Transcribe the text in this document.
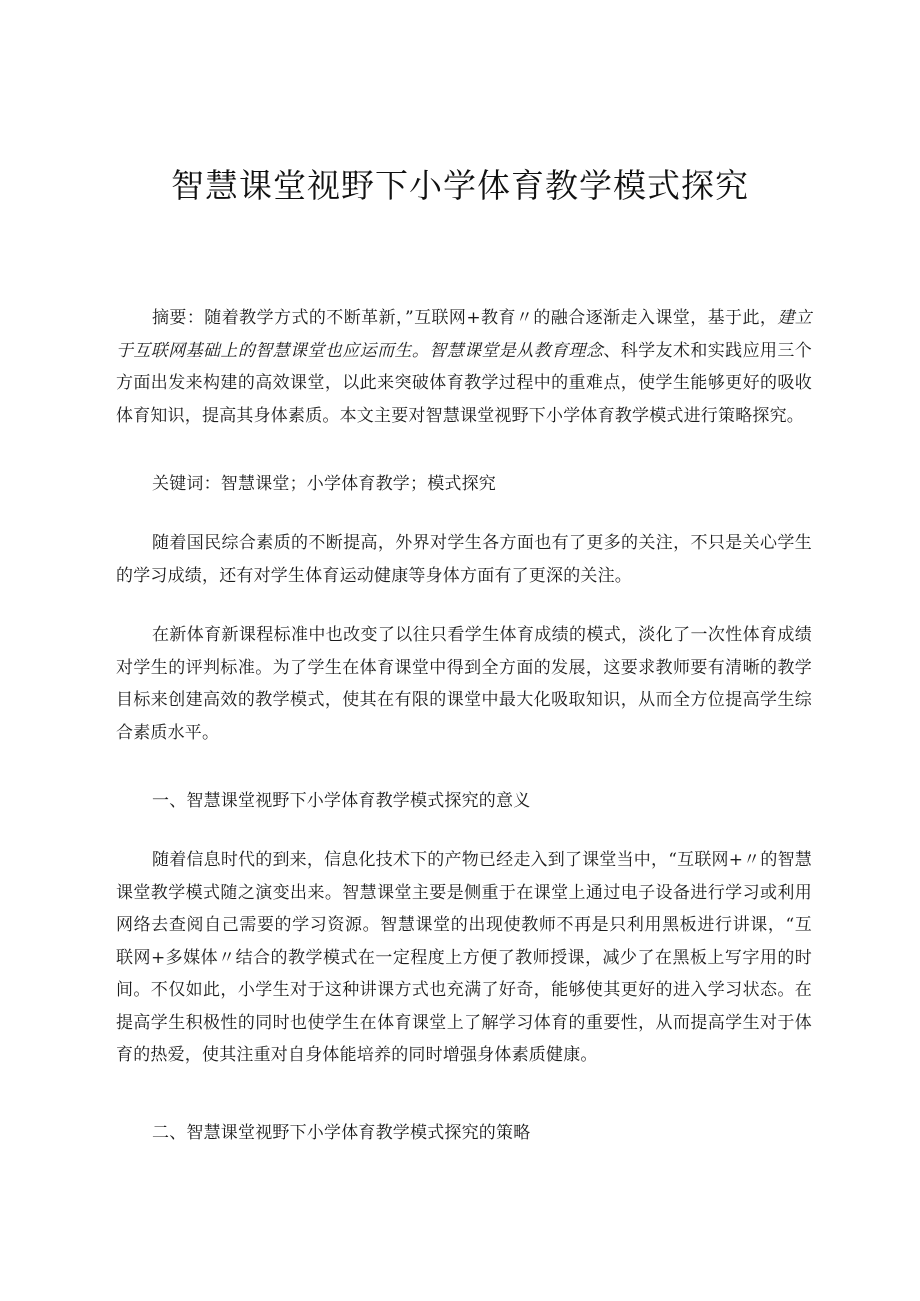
智慧课堂视野下小学体育教学模式探究

摘要：随着教学方式的不断革新，”互联网+教育〃的融合逐渐走入课堂，基于此，建立于互联网基础上的智慧课堂也应运而生。智慧课堂是从教育理念、科学友术和实践应用三个方面出发来构建的高效课堂，以此来突破体育教学过程中的重难点，使学生能够更好的吸收体育知识，提高其身体素质。本文主要对智慧课堂视野下小学体育教学模式进行策略探究。

关键词：智慧课堂；小学体育教学；模式探究

随着国民综合素质的不断提高，外界对学生各方面也有了更多的关注，不只是关心学生的学习成绩，还有对学生体育运动健康等身体方面有了更深的关注。

在新体育新课程标准中也改变了以往只看学生体育成绩的模式，淡化了一次性体育成绩对学生的评判标准。为了学生在体育课堂中得到全方面的发展，这要求教师要有清晰的教学目标来创建高效的教学模式，使其在有限的课堂中最大化吸取知识，从而全方位提高学生综合素质水平。

一、智慧课堂视野下小学体育教学模式探究的意义

随着信息时代的到来，信息化技术下的产物已经走入到了课堂当中，“互联网+〃的智慧课堂教学模式随之演变出来。智慧课堂主要是侧重于在课堂上通过电子设备进行学习或利用网络去查阅自己需要的学习资源。智慧课堂的出现使教师不再是只利用黑板进行讲课，“互联网+多媒体〃结合的教学模式在一定程度上方便了教师授课，减少了在黑板上写字用的时间。不仅如此，小学生对于这种讲课方式也充满了好奇，能够使其更好的进入学习状态。在提高学生积极性的同时也使学生在体育课堂上了解学习体育的重要性，从而提高学生对于体育的热爱，使其注重对自身体能培养的同时增强身体素质健康。

二、智慧课堂视野下小学体育教学模式探究的策略
